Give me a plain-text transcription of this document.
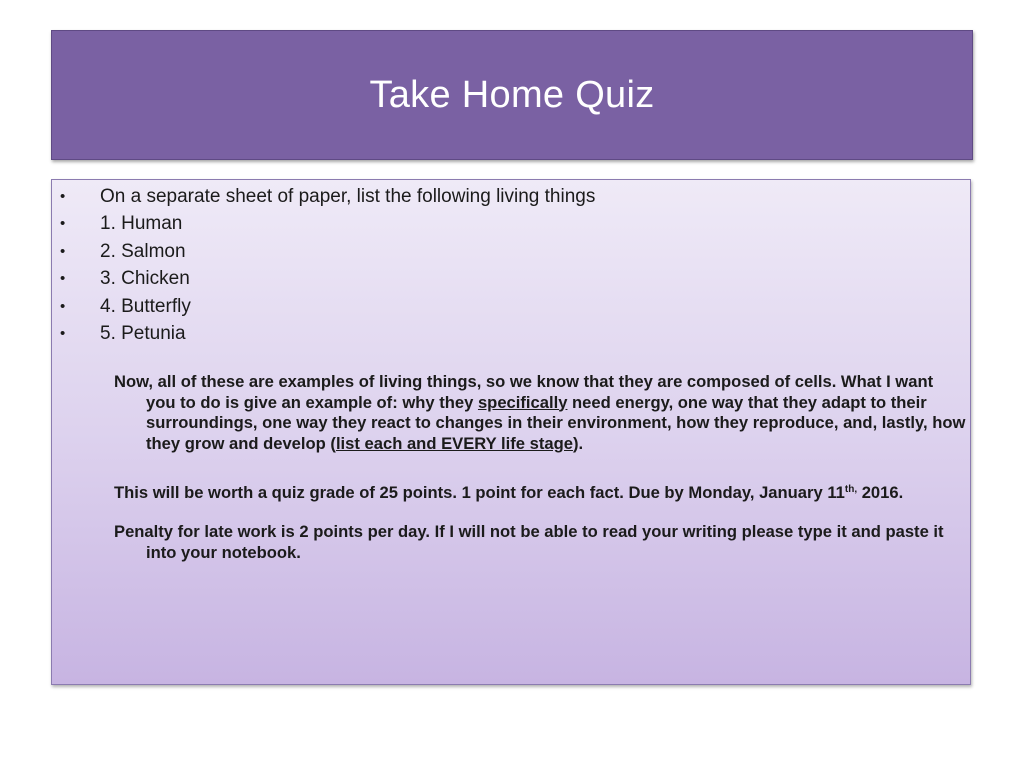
Take Home Quiz
• On a separate sheet of paper, list the following living things
• 1. Human
• 2. Salmon
• 3. Chicken
• 4. Butterfly
• 5. Petunia

Now, all of these are examples of living things, so we know that they are composed of cells. What I want you to do is give an example of: why they specifically need energy, one way that they adapt to their surroundings, one way they react to changes in their environment, how they reproduce, and, lastly, how they grow and develop (list each and EVERY life stage).

This will be worth a quiz grade of 25 points. 1 point for each fact. Due by Monday, January $11^{th,}$ 2016.

Penalty for late work is 2 points per day. If I will not be able to read your writing please type it and paste it into your notebook.
